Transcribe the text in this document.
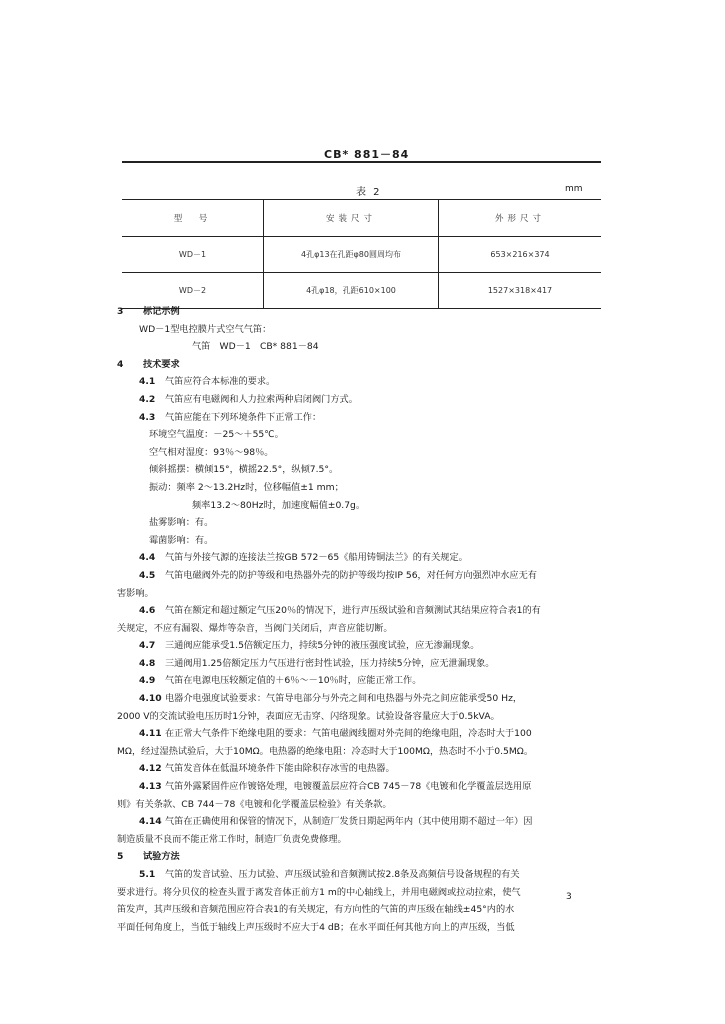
CB* 881－84
表 2	mm
型　号	安装尺寸	外形尺寸
WD－1	4孔φ13在孔距φ80圆周均布	653×216×374
WD－2	4孔φ18，孔距610×100	1527×318×417
3 标记示例
WD－1型电控膜片式空气气笛：
气笛　WD－1　CB* 881－84
4 技术要求
4.1 气笛应符合本标准的要求。
4.2 气笛应有电磁阀和人力拉索两种启闭阀门方式。
4.3 气笛应能在下列环境条件下正常工作：
环境空气温度：－25～＋55℃。
空气相对湿度：93％～98％。
倾斜摇摆：横倾15°，横摇22.5°，纵倾7.5°。
振动：频率 2～13.2Hz时，位移幅值±1 mm；
频率13.2～80Hz时，加速度幅值±0.7g。
盐雾影响：有。
霉菌影响：有。
4.4 气笛与外接气源的连接法兰按GB 572－65《船用铸铜法兰》的有关规定。
4.5 气笛电磁阀外壳的防护等级和电热器外壳的防护等级均按IP 56，对任何方向强烈冲水应无有
害影响。
4.6 气笛在额定和超过额定气压20％的情况下，进行声压级试验和音频测试其结果应符合表1的有
关规定，不应有漏裂、爆炸等杂音，当阀门关闭后，声音应能切断。
4.7 三通阀应能承受1.5倍额定压力，持续5分钟的液压强度试验，应无渗漏现象。
4.8 三通阀用1.25倍额定压力气压进行密封性试验，压力持续5分钟，应无泄漏现象。
4.9 气笛在电源电压较额定值的＋6％～－10％时，应能正常工作。
4.10 电器介电强度试验要求：气笛导电部分与外壳之间和电热器与外壳之间应能承受50 Hz，
2000 V的交流试验电压历时1分钟，表面应无击穿、闪络现象。试验设备容量应大于0.5kVA。
4.11 在正常大气条件下绝缘电阻的要求：气笛电磁阀线圈对外壳间的绝缘电阻，冷态时大于100
MΩ，经过湿热试验后，大于10MΩ。电热器的绝缘电阻：冷态时大于100MΩ，热态时不小于0.5MΩ。
4.12 气笛发音体在低温环境条件下能由除积存冰雪的电热器。
4.13 气笛外露紧固件应作镀铬处理，电镀覆盖层应符合CB 745－78《电镀和化学覆盖层选用原
则》有关条款、CB 744－78《电镀和化学覆盖层检验》有关条款。
4.14 气笛在正确使用和保管的情况下，从制造厂发货日期起两年内（其中使用期不超过一年）因
制造质量不良而不能正常工作时，制造厂负责免费修理。
5 试验方法
5.1 气笛的发音试验、压力试验、声压级试验和音频测试按2.8条及高频信号设备规程的有关
要求进行。将分贝仪的检查头置于离发音体正前方1 m的中心轴线上，并用电磁阀或拉动拉索，使气
笛发声，其声压级和音频范围应符合表1的有关规定，有方向性的气笛的声压级在轴线±45°内的水
平面任何角度上，当低于轴线上声压级时不应大于4 dB；在水平面任何其他方向上的声压级，当低
3
